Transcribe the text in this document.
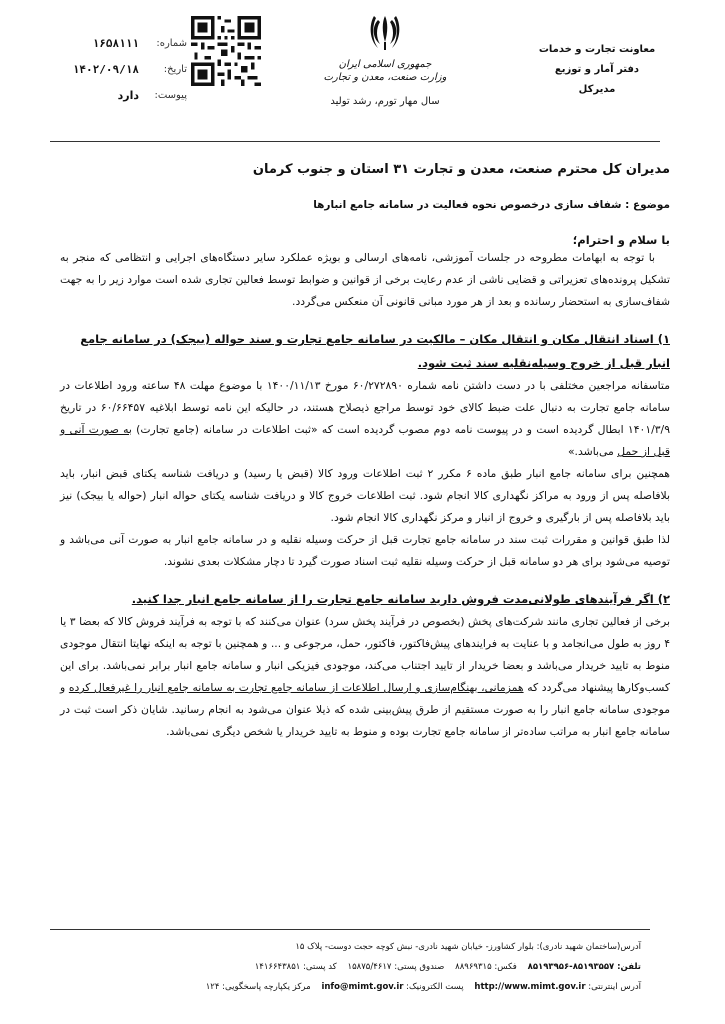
معاونت تجارت و خدمات
دفتر آمار و توزیع
مدیرکل
جمهوری اسلامی ایران
وزارت صنعت، معدن و تجارت
سال مهار تورم، رشد تولید
شماره:
۱۶۵۸۱۱۱
تاریخ:
۱۴۰۲/۰۹/۱۸
پیوست:
دارد
مدیران کل محترم صنعت، معدن و تجارت ۳۱ استان و جنوب کرمان
موضوع : شفاف سازی درخصوص نحوه فعالیت در سامانه جامع انبارها
با سلام و احترام؛

با توجه به ابهامات مطروحه در جلسات آموزشی، نامه‌های ارسالی و بویژه عملکرد سایر دستگاه‌های اجرایی و انتظامی که منجر به تشکیل پرونده‌های تعزیراتی و قضایی ناشی از عدم رعایت برخی از قوانین و ضوابط توسط فعالین تجاری شده است موارد زیر را به جهت شفاف‌سازی به استحضار رسانده و بعد از هر مورد مبانی قانونی آن منعکس می‌گردد.

۱) اسناد انتقال مکان و انتقال مکان – مالکیت در سامانه جامع تجارت و سند حواله (بیجک) در سامانه جامع انبار قبل از خروج وسیله‌نقلیه سند ثبت شود.

متاسفانه مراجعین مختلفی با در دست داشتن نامه شماره ۶۰/۲۷۲۸۹۰ مورخ ۱۴۰۰/۱۱/۱۳ با موضوع مهلت ۴۸ ساعته ورود اطلاعات در سامانه جامع تجارت به دنبال علت ضبط کالای خود توسط مراجع ذیصلاح هستند، در حالیکه این نامه توسط ابلاغیه ۶۰/۶۶۴۵۷ در تاریخ ۱۴۰۱/۳/۹ ابطال گردیده است و در پیوست نامه دوم مصوب گردیده است که «ثبت اطلاعات در سامانه (جامع تجارت) به صورت آنی و قبل از حمل می‌باشد.»

همچنین برای سامانه جامع انبار طبق ماده ۶ مکرر ۲ ثبت اطلاعات ورود کالا (قبض یا رسید) و دریافت شناسه یکتای قبض انبار، باید بلافاصله پس از ورود به مراکز نگهداری کالا انجام شود. ثبت اطلاعات خروج کالا و دریافت شناسه یکتای حواله انبار (حواله یا بیجک) نیز باید بلافاصله پس از بارگیری و خروج از انبار و مرکز نگهداری کالا انجام شود.

لذا طبق قوانین و مقررات ثبت سند در سامانه جامع تجارت قبل از حرکت وسیله نقلیه و در سامانه جامع انبار به صورت آنی می‌باشد و توصیه می‌شود برای هر دو سامانه قبل از حرکت وسیله نقلیه ثبت اسناد صورت گیرد تا دچار مشکلات بعدی نشوند.

۲) اگر فرآیندهای طولانی‌مدت فروش دارید سامانه جامع تجارت را از سامانه جامع انبار جدا کنید.

برخی از فعالین تجاری مانند شرکت‌های پخش (بخصوص در فرآیند پخش سرد) عنوان می‌کنند که با توجه به فرآیند فروش کالا که بعضا ۳ یا ۴ روز به طول می‌انجامد و با عنایت به فرایندهای پیش‌فاکتور، فاکتور، حمل، مرجوعی و ... و همچنین با توجه به اینکه نهایتا انتقال موجودی منوط به تایید خریدار می‌باشد و بعضا خریدار از تایید اجتناب می‌کند، موجودی فیزیکی انبار و سامانه جامع انبار برابر نمی‌باشد. برای این کسب‌وکارها پیشنهاد می‌گردد که همزمانی، بهنگام‌سازی و ارسال اطلاعات از سامانه جامع تجارت به سامانه جامع انبار را غیرفعال کرده و موجودی سامانه جامع انبار را به صورت مستقیم از طرق پیش‌بینی شده که ذیلا عنوان می‌شود به انجام رسانید. شایان ذکر است ثبت در سامانه جامع انبار به مراتب ساده‌تر از سامانه جامع تجارت بوده و منوط به تایید خریدار یا شخص دیگری نمی‌باشد.

آدرس(ساختمان شهید نادری): بلوار کشاورز- خیابان شهید نادری- نبش کوچه حجت دوست- پلاک ۱۵
تلفن: ۸۵۱۹۳۵۵۷-۸۵۱۹۳۹۵۶    فکس: ۸۸۹۶۹۳۱۵    صندوق پستی: ۱۵۸۷۵/۴۶۱۷    کد پستی: ۱۴۱۶۶۴۳۸۵۱
آدرس اینترنتی: http://www.mimt.gov.ir    پست الکترونیک: info@mimt.gov.ir    مرکز یکپارچه پاسخگویی: ۱۲۴
